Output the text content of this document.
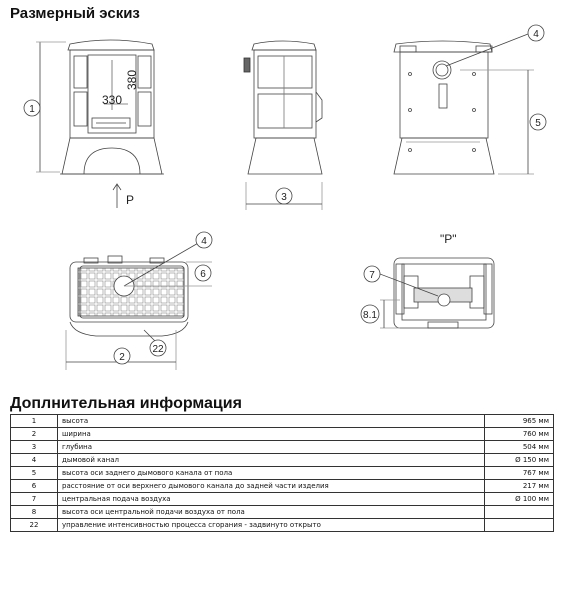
Размерный эскиз
380
330
P
"P"
1
3
4
5
4
6
2
22
7
8.1
Доплнительная информация
1	высота	965 мм
2	ширина	760 мм
3	глубина	504 мм
4	дымовой канал	Ø 150 мм
5	высота оси заднего дымового канала от пола	767 мм
6	расстояние от оси верхнего дымового канала до задней части изделия	217 мм
7	центральная подача воздуха	Ø 100 мм
8	высота оси центральной подачи воздуха от пола	
22	управление интенсивностью процесса сгорания - задвинуто открыто	
